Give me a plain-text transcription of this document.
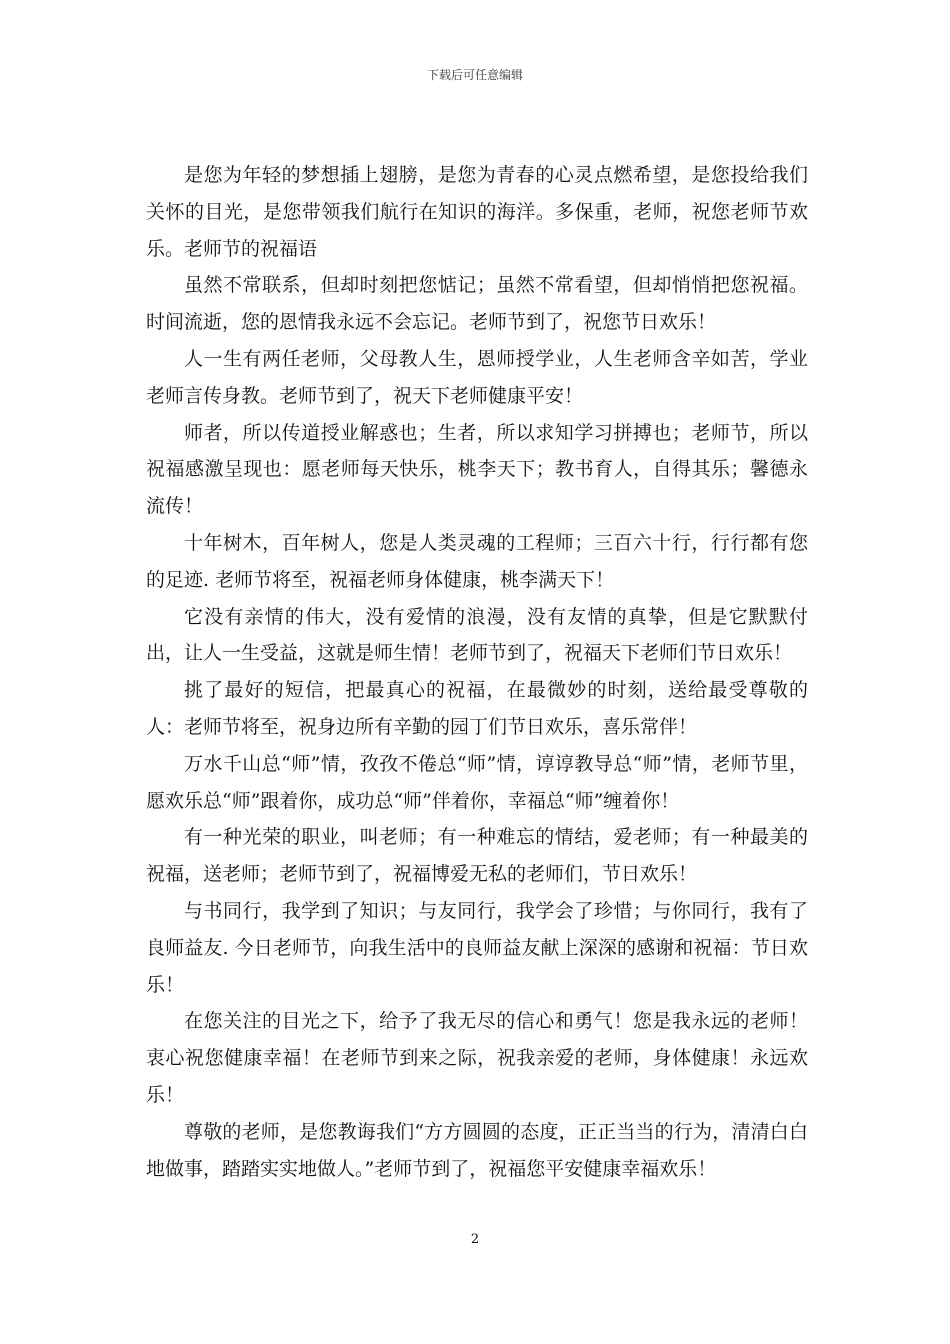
下载后可任意编辑

是您为年轻的梦想插上翅膀，是您为青春的心灵点燃希望，是您投给我们关怀的目光，是您带领我们航行在知识的海洋。多保重，老师，祝您老师节欢乐。老师节的祝福语

虽然不常联系，但却时刻把您惦记；虽然不常看望，但却悄悄把您祝福。时间流逝，您的恩情我永远不会忘记。老师节到了，祝您节日欢乐！

人一生有两任老师，父母教人生，恩师授学业，人生老师含辛如苦，学业老师言传身教。老师节到了，祝天下老师健康平安！

师者，所以传道授业解惑也；生者，所以求知学习拼搏也；老师节，所以祝福感激呈现也：愿老师每天快乐，桃李天下；教书育人，自得其乐；馨德永流传！

十年树木，百年树人，您是人类灵魂的工程师；三百六十行，行行都有您的足迹. 老师节将至，祝福老师身体健康，桃李满天下！

它没有亲情的伟大，没有爱情的浪漫，没有友情的真挚，但是它默默付出，让人一生受益，这就是师生情！老师节到了，祝福天下老师们节日欢乐！

挑了最好的短信，把最真心的祝福，在最微妙的时刻，送给最受尊敬的人：老师节将至，祝身边所有辛勤的园丁们节日欢乐，喜乐常伴！

万水千山总“师”情，孜孜不倦总“师”情，谆谆教导总“师”情，老师节里，愿欢乐总“师”跟着你，成功总“师”伴着你，幸福总“师”缠着你！

有一种光荣的职业，叫老师；有一种难忘的情结，爱老师；有一种最美的祝福，送老师；老师节到了，祝福博爱无私的老师们，节日欢乐！

与书同行，我学到了知识；与友同行，我学会了珍惜；与你同行，我有了良师益友. 今日老师节，向我生活中的良师益友献上深深的感谢和祝福：节日欢乐！

在您关注的目光之下，给予了我无尽的信心和勇气！您是我永远的老师！衷心祝您健康幸福！在老师节到来之际，祝我亲爱的老师，身体健康！永远欢乐！

尊敬的老师，是您教诲我们“方方圆圆的态度，正正当当的行为，清清白白地做事，踏踏实实地做人。”老师节到了，祝福您平安健康幸福欢乐！

2
